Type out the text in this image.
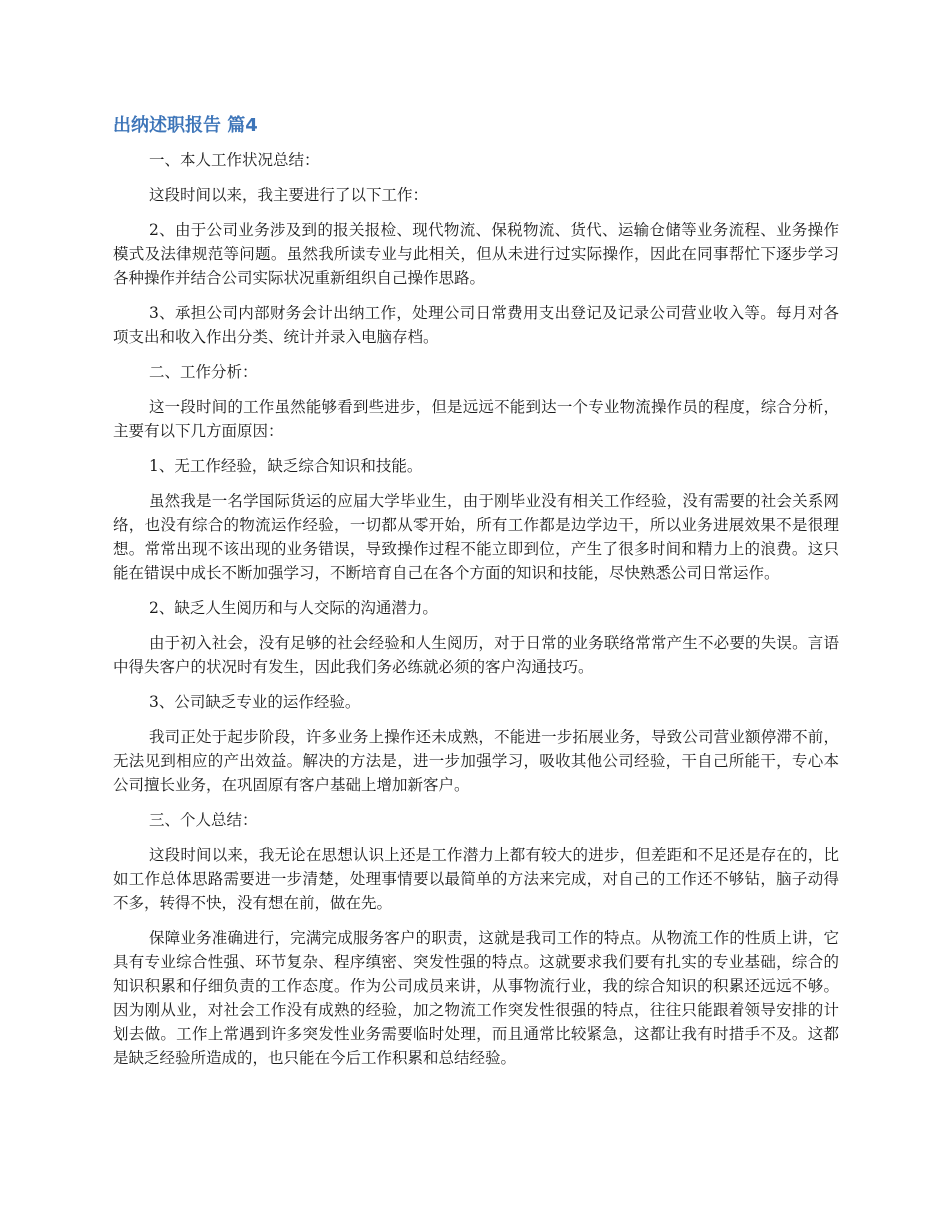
出纳述职报告 篇4

一、本人工作状况总结：

这段时间以来，我主要进行了以下工作：

2、由于公司业务涉及到的报关报检、现代物流、保税物流、货代、运输仓储等业务流程、业务操作模式及法律规范等问题。虽然我所读专业与此相关，但从未进行过实际操作，因此在同事帮忙下逐步学习各种操作并结合公司实际状况重新组织自己操作思路。

3、承担公司内部财务会计出纳工作，处理公司日常费用支出登记及记录公司营业收入等。每月对各项支出和收入作出分类、统计并录入电脑存档。

二、工作分析：

这一段时间的工作虽然能够看到些进步，但是远远不能到达一个专业物流操作员的程度，综合分析，主要有以下几方面原因：

1、无工作经验，缺乏综合知识和技能。

虽然我是一名学国际货运的应届大学毕业生，由于刚毕业没有相关工作经验，没有需要的社会关系网络，也没有综合的物流运作经验，一切都从零开始，所有工作都是边学边干，所以业务进展效果不是很理想。常常出现不该出现的业务错误，导致操作过程不能立即到位，产生了很多时间和精力上的浪费。这只能在错误中成长不断加强学习，不断培育自己在各个方面的知识和技能，尽快熟悉公司日常运作。

2、缺乏人生阅历和与人交际的沟通潜力。

由于初入社会，没有足够的社会经验和人生阅历，对于日常的业务联络常常产生不必要的失误。言语中得失客户的状况时有发生，因此我们务必练就必须的客户沟通技巧。

3、公司缺乏专业的运作经验。

我司正处于起步阶段，许多业务上操作还未成熟，不能进一步拓展业务，导致公司营业额停滞不前，无法见到相应的产出效益。解决的方法是，进一步加强学习，吸收其他公司经验，干自己所能干，专心本公司擅长业务，在巩固原有客户基础上增加新客户。

三、个人总结：

这段时间以来，我无论在思想认识上还是工作潜力上都有较大的进步，但差距和不足还是存在的，比如工作总体思路需要进一步清楚，处理事情要以最简单的方法来完成，对自己的工作还不够钻，脑子动得不多，转得不快，没有想在前，做在先。

保障业务准确进行，完满完成服务客户的职责，这就是我司工作的特点。从物流工作的性质上讲，它具有专业综合性强、环节复杂、程序缜密、突发性强的特点。这就要求我们要有扎实的专业基础，综合的知识积累和仔细负责的工作态度。作为公司成员来讲，从事物流行业，我的综合知识的积累还远远不够。因为刚从业，对社会工作没有成熟的经验，加之物流工作突发性很强的特点，往往只能跟着领导安排的计划去做。工作上常遇到许多突发性业务需要临时处理，而且通常比较紧急，这都让我有时措手不及。这都是缺乏经验所造成的，也只能在今后工作积累和总结经验。
